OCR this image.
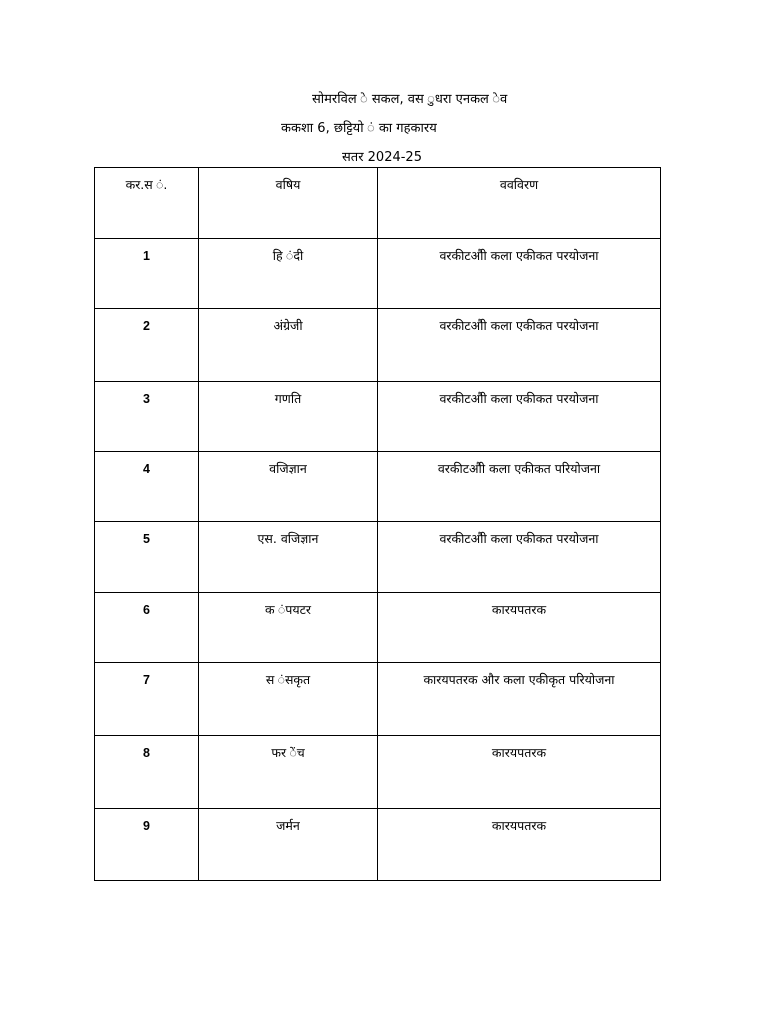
सोमरविल े सकल, वस ुधरा एनकल ेव
ककशा 6, छट्टियो ं का गहकारय
सतर 2024-25
कर.स ं.	वषिय	ववविरण
1	हि ंदी	वरकीटऔी कला एकीकत परयोजना
2	अंग्रेजी	वरकीटऔी कला एकीकत परयोजना
3	गणति	वरकीटऔी कला एकीकत परयोजना
4	वजिज्ञान	वरकीटऔी कला एकीकत परियोजना
5	एस. वजिज्ञान	वरकीटऔी कला एकीकत परयोजना
6	क ंपयटर	कारयपतरक
7	स ंसकृत	कारयपतरक और कला एकीकृत परियोजना
8	फर ेंच	कारयपतरक
9	जर्मन	कारयपतरक
